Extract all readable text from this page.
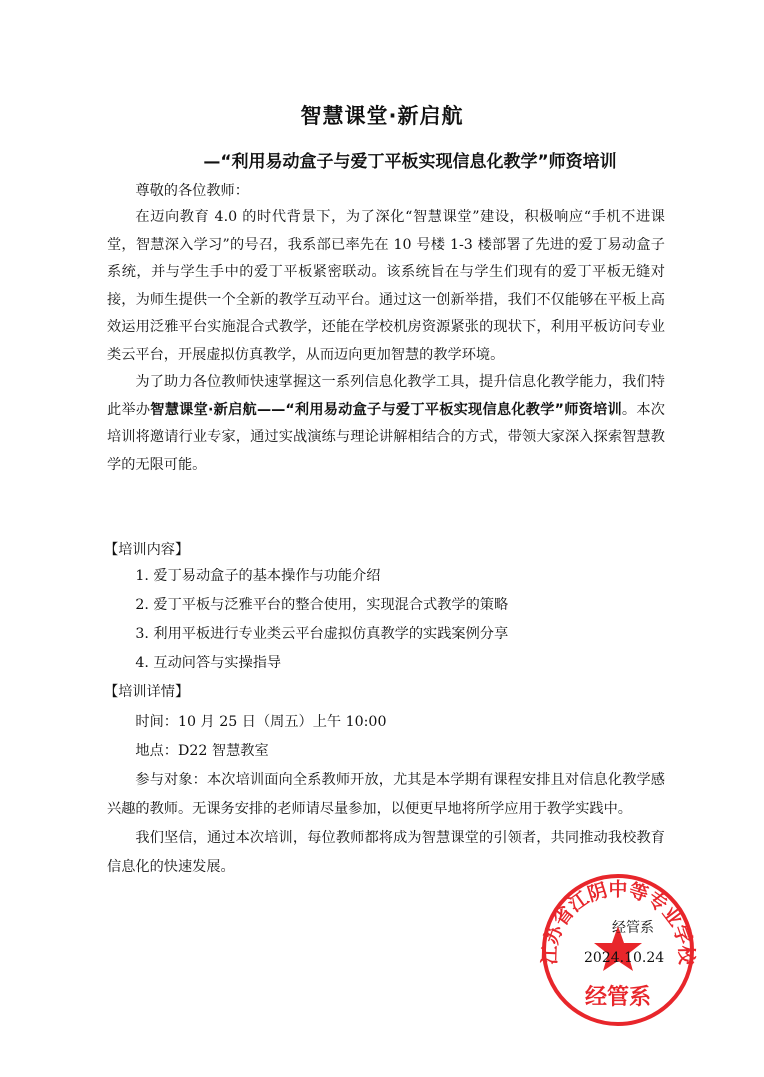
智慧课堂·新启航
—“利用易动盒子与爱丁平板实现信息化教学”师资培训

尊敬的各位教师：

在迈向教育 4.0 的时代背景下，为了深化“智慧课堂”建设，积极响应“手机不进课堂，智慧深入学习”的号召，我系部已率先在 10 号楼 1-3 楼部署了先进的爱丁易动盒子系统，并与学生手中的爱丁平板紧密联动。该系统旨在与学生们现有的爱丁平板无缝对接，为师生提供一个全新的教学互动平台。通过这一创新举措，我们不仅能够在平板上高效运用泛雅平台实施混合式教学，还能在学校机房资源紧张的现状下，利用平板访问专业类云平台，开展虚拟仿真教学，从而迈向更加智慧的教学环境。

为了助力各位教师快速掌握这一系列信息化教学工具，提升信息化教学能力，我们特此举办智慧课堂·新启航——“利用易动盒子与爱丁平板实现信息化教学”师资培训。本次培训将邀请行业专家，通过实战演练与理论讲解相结合的方式，带领大家深入探索智慧教学的无限可能。

【培训内容】

1. 爱丁易动盒子的基本操作与功能介绍

2. 爱丁平板与泛雅平台的整合使用，实现混合式教学的策略

3. 利用平板进行专业类云平台虚拟仿真教学的实践案例分享

4. 互动问答与实操指导

【培训详情】

时间：10 月 25 日（周五）上午 10:00

地点：D22 智慧教室

参与对象：本次培训面向全系教师开放，尤其是本学期有课程安排且对信息化教学感兴趣的教师。无课务安排的老师请尽量参加，以便更早地将所学应用于教学实践中。

我们坚信，通过本次培训，每位教师都将成为智慧课堂的引领者，共同推动我校教育信息化的快速发展。

江苏省江阴中等专业学校
经管系
经管系
2024.10.24
